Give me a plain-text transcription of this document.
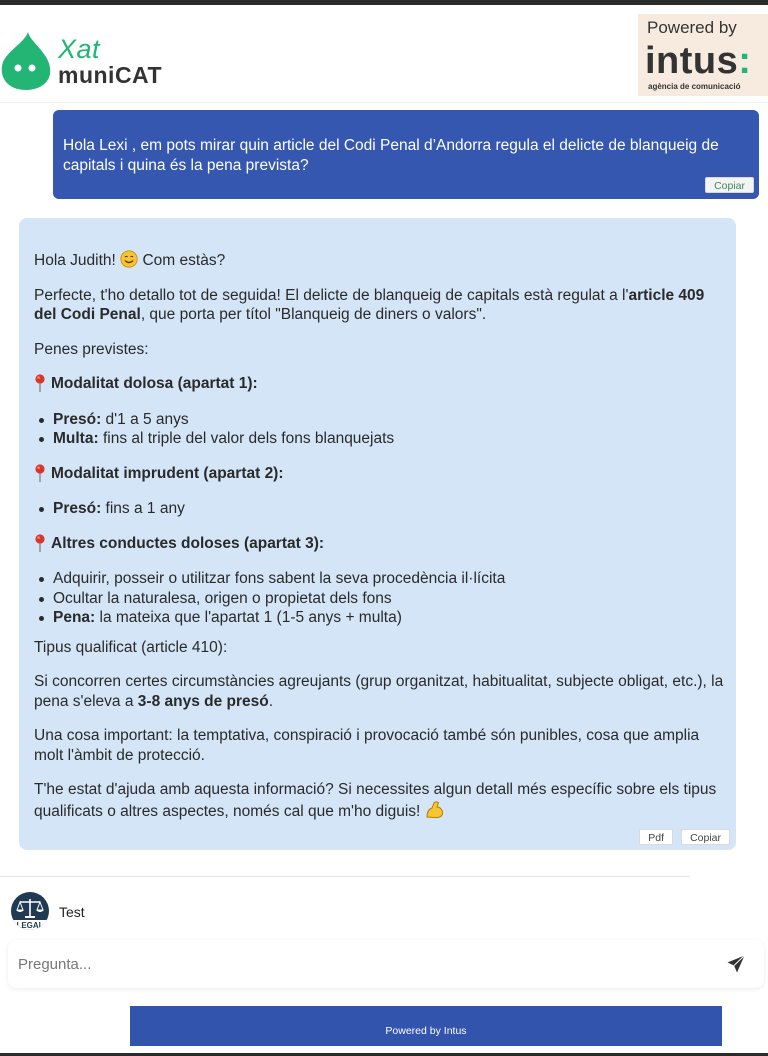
Xat
muniCAT
Powered by
intus:
agència de comunicació
Hola Lexi , em pots mirar quin article del Codi Penal d’Andorra regula el delicte de blanqueig de capitals i quina és la pena prevista?
Copiar
Hola Judith! Com estàs?
Perfecte, t'ho detallo tot de seguida! El delicte de blanqueig de capitals està regulat a l'article 409 del Codi Penal, que porta per títol "Blanqueig de diners o valors".
Penes previstes:
Modalitat dolosa (apartat 1):
Presó: d'1 a 5 anys
Multa: fins al triple del valor dels fons blanquejats
Modalitat imprudent (apartat 2):
Presó: fins a 1 any
Altres conductes doloses (apartat 3):
Adquirir, posseir o utilitzar fons sabent la seva procedència il·lícita
Ocultar la naturalesa, origen o propietat dels fons
Pena: la mateixa que l'apartat 1 (1-5 anys + multa)
Tipus qualificat (article 410):
Si concorren certes circumstàncies agreujants (grup organitzat, habitualitat, subjecte obligat, etc.), la pena s'eleva a 3-8 anys de presó.
Una cosa important: la temptativa, conspiració i provocació també són punibles, cosa que amplia molt l'àmbit de protecció.
T'he estat d'ajuda amb aquesta informació? Si necessites algun detall més específic sobre els tipus qualificats o altres aspectes, només cal que m'ho diguis!
Pdf	Copiar
LEGAL
Test
Pregunta...
Powered by Intus
